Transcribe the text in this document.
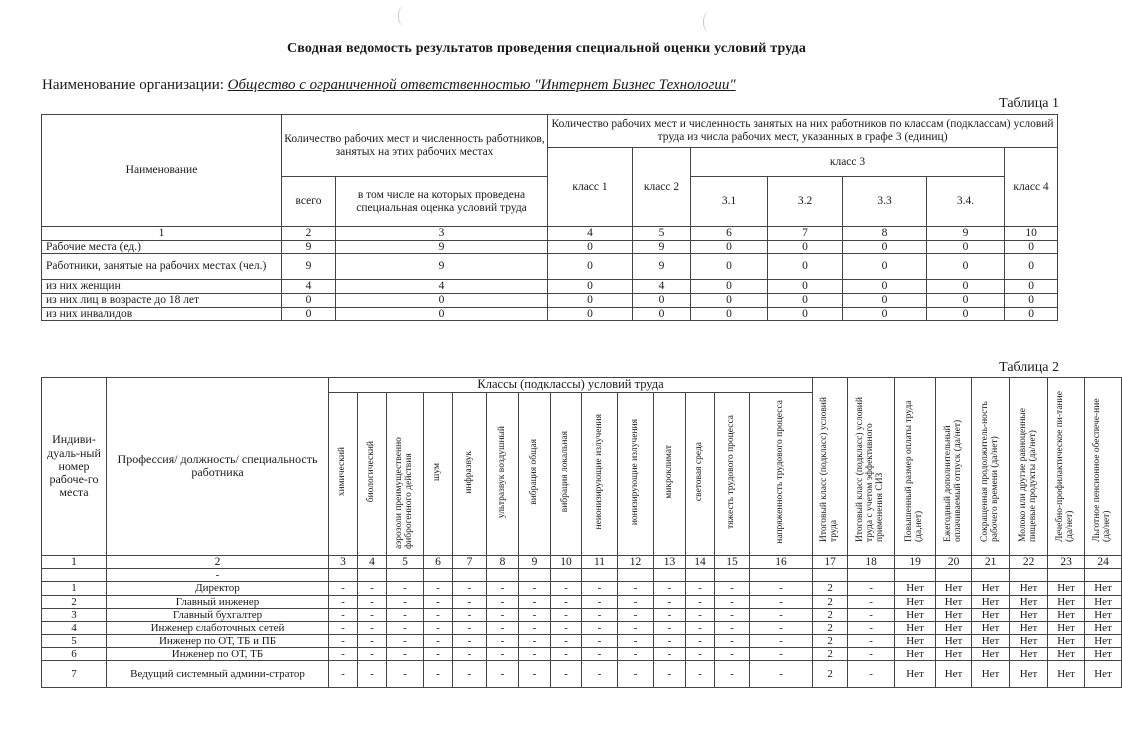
Сводная ведомость результатов проведения специальной оценки условий труда
Наименование организации: Общество с ограниченной ответственностью "Интернет Бизнес Технологии"
Таблица 1
Наименование	Количество рабочих мест и численность работников, занятых на этих рабочих местах		Количество рабочих мест и численность занятых на них работников по классам (подклассам) условий труда из числа рабочих мест, указанных в графе 3 (единиц)						
			класс 1	класс 2	класс 3				класс 4
	всего	в том числе на которых проведена специальная оценка условий труда			3.1	3.2	3.3	3.4.	
1	2	3	4	5	6	7	8	9	10
Рабочие места (ед.)	9	9	0	9	0	0	0	0	0
Работники, занятые на рабочих местах (чел.)	9	9	0	9	0	0	0	0	0
из них женщин	4	4	0	4	0	0	0	0	0
из них лиц в возрасте до 18 лет	0	0	0	0	0	0	0	0	0
из них инвалидов	0	0	0	0	0	0	0	0	0
Таблица 2
Индиви-дуаль-ный номер рабоче-го места	Профессия/ должность/ специальность работника	Классы (подклассы) условий труда														Итоговый класс (подкласс) условий труда	Итоговый класс (подкласс) условий труда с учетом эффективного применения СИЗ	Повышенный размер оплаты труда (да,нет)	Ежегодный дополнительный оплачиваемый отпуск (да/нет)	Сокращенная продолжитель-ность рабочего времени (да/нет)	Молоко или другие равноценные пищевые продукты (да/нет)	Лечебно-профилактическое пи-тание (да/нет)	Льготное пенсионное обеспече-ние (да/нет)
		химический	биологический	аэрозоли преимущественно фиброгенного действия	шум	инфразвук	ультразвук воздушный	вибрация общая	вибрация локальная	неионизирующие излучения	ионизирующие излучения	микроклимат	световая среда	тяжесть трудового процесса	напряженность трудового процесса								
1	2	3	4	5	6	7	8	9	10	11	12	13	14	15	16	17	18	19	20	21	22	23	24
	-																						
1	Директор	-	-	-	-	-	-	-	-	-	-	-	-	-	-	2	-	Нет	Нет	Нет	Нет	Нет	Нет
2	Главный инженер	-	-	-	-	-	-	-	-	-	-	-	-	-	-	2	-	Нет	Нет	Нет	Нет	Нет	Нет
3	Главный бухгалтер	-	-	-	-	-	-	-	-	-	-	-	-	-	-	2	-	Нет	Нет	Нет	Нет	Нет	Нет
4	Инженер слаботочных сетей	-	-	-	-	-	-	-	-	-	-	-	-	-	-	2	-	Нет	Нет	Нет	Нет	Нет	Нет
5	Инженер по ОТ, ТБ и ПБ	-	-	-	-	-	-	-	-	-	-	-	-	-	-	2	-	Нет	Нет	Нет	Нет	Нет	Нет
6	Инженер по ОТ, ТБ	-	-	-	-	-	-	-	-	-	-	-	-	-	-	2	-	Нет	Нет	Нет	Нет	Нет	Нет
7	Ведущий системный админи-стратор	-	-	-	-	-	-	-	-	-	-	-	-	-	-	2	-	Нет	Нет	Нет	Нет	Нет	Нет
